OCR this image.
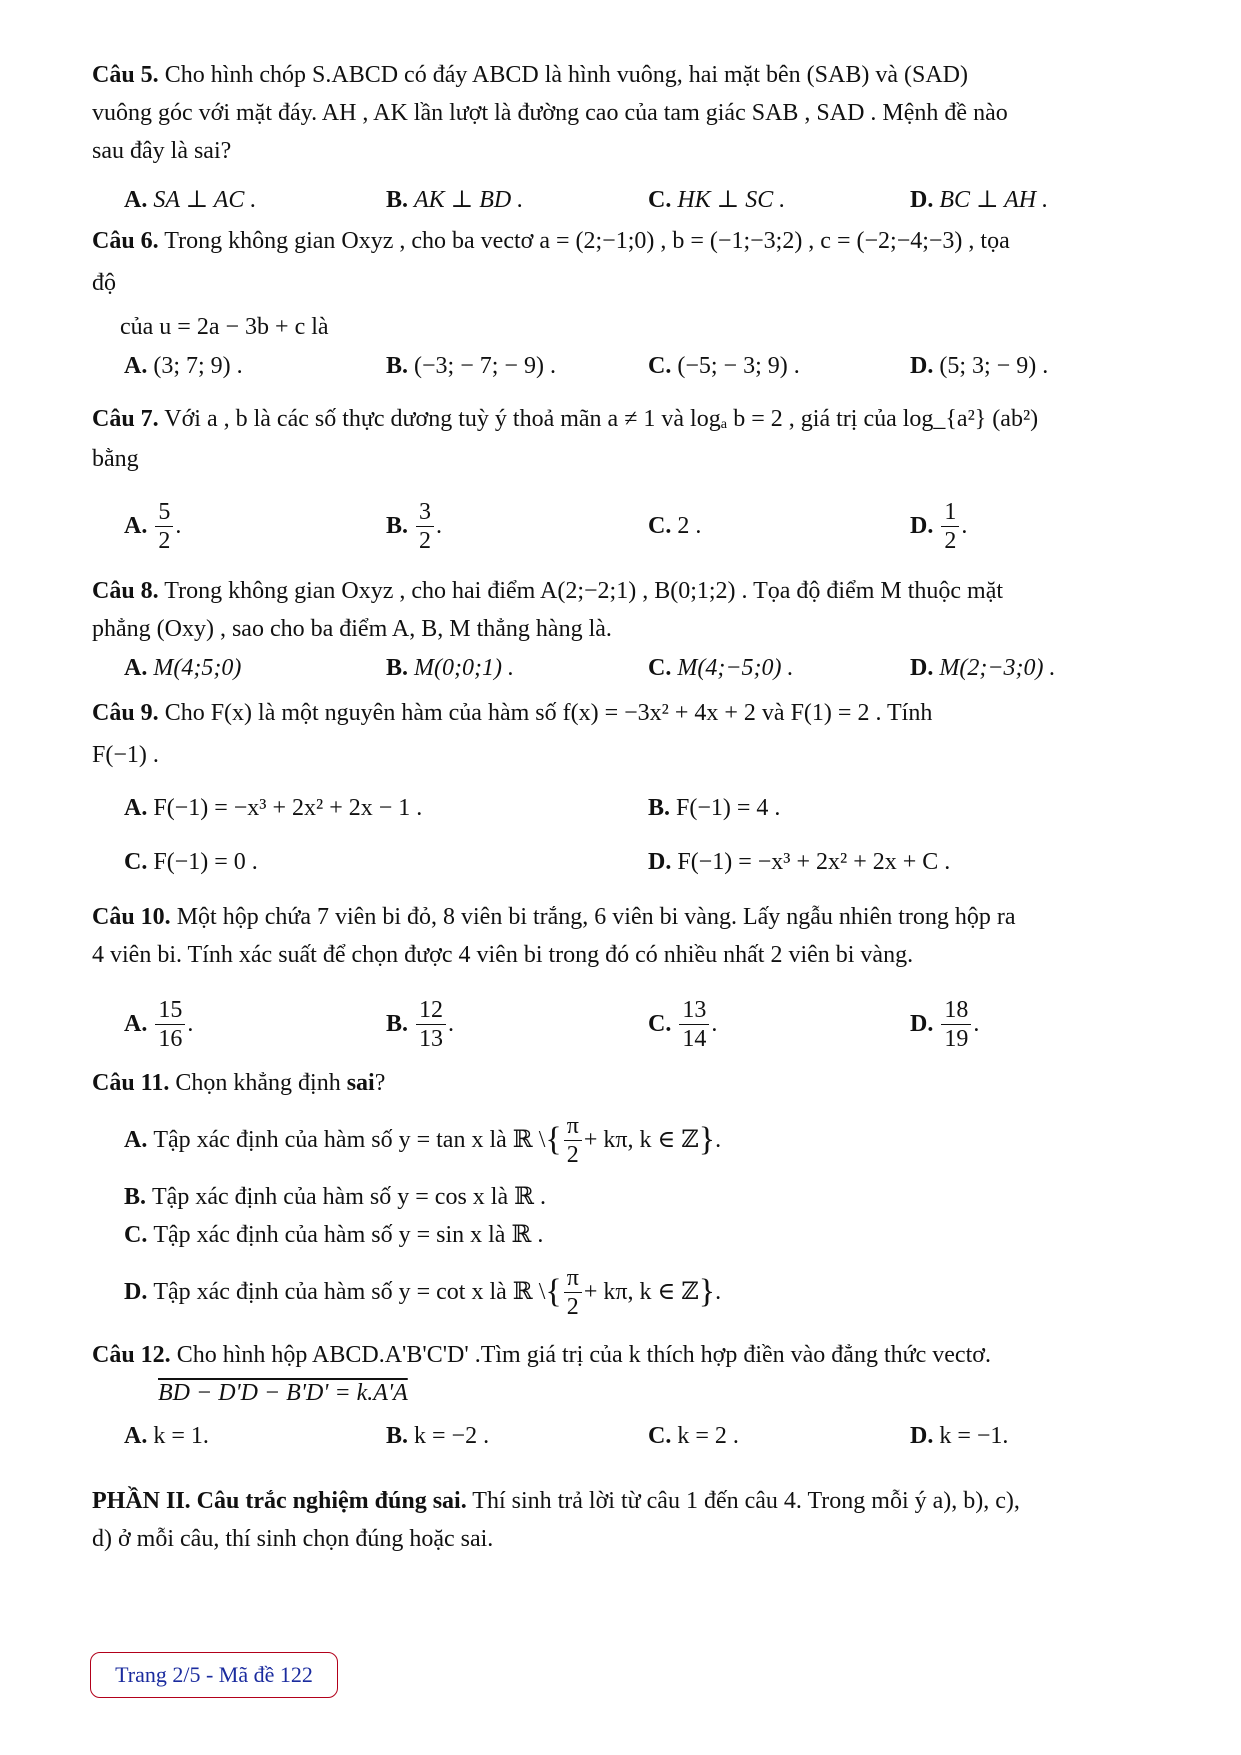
Câu 5. Cho hình chóp S.ABCD có đáy ABCD là hình vuông, hai mặt bên (SAB) và (SAD)
vuông góc với mặt đáy. AH , AK lần lượt là đường cao của tam giác SAB , SAD . Mệnh đề nào
sau đây là sai?
A. SA ⊥ AC .	B. AK ⊥ BD .	C. HK ⊥ SC .	D. BC ⊥ AH .
Câu 6. Trong không gian Oxyz , cho ba vectơ a = (2;−1;0) , b = (−1;−3;2) , c = (−2;−4;−3) , tọa
độ
của u = 2a − 3b + c là
A. (3; 7; 9) .	B. (−3; − 7; − 9) .	C. (−5; − 3; 9) .	D. (5; 3; − 9) .
Câu 7. Với a , b là các số thực dương tuỳ ý thoả mãn a ≠ 1 và logₐ b = 2 , giá trị của log_{a²} (ab²)
bằng
A. $\frac{5}{2}$ .	B. $\frac{3}{2}$ .	C. 2 .	D. $\frac{1}{2}$ .
Câu 8. Trong không gian Oxyz , cho hai điểm A(2;−2;1) , B(0;1;2) . Tọa độ điểm M thuộc mặt
phẳng (Oxy) , sao cho ba điểm A, B, M thẳng hàng là.
A. M(4;5;0)	B. M(0;0;1) .	C. M(4;−5;0) .	D. M(2;−3;0) .
Câu 9. Cho F(x) là một nguyên hàm của hàm số f(x) = −3x² + 4x + 2 và F(1) = 2 . Tính
F(−1) .
A. F(−1) = −x³ + 2x² + 2x − 1 .	B. F(−1) = 4 .
C. F(−1) = 0 .	D. F(−1) = −x³ + 2x² + 2x + C .
Câu 10. Một hộp chứa 7 viên bi đỏ, 8 viên bi trắng, 6 viên bi vàng. Lấy ngẫu nhiên trong hộp ra
4 viên bi. Tính xác suất để chọn được 4 viên bi trong đó có nhiều nhất 2 viên bi vàng.
A. $\frac{15}{16}$ .	B. $\frac{12}{13}$ .	C. $\frac{13}{14}$ .	D. $\frac{18}{19}$ .
Câu 11. Chọn khẳng định sai?
A. Tập xác định của hàm số y = tan x là ℝ \ { $\frac{\pi}{2} + k\pi$, k ∈ ℤ } .
B. Tập xác định của hàm số y = cos x là ℝ .
C. Tập xác định của hàm số y = sin x là ℝ .
D. Tập xác định của hàm số y = cot x là ℝ \ { $\frac{\pi}{2} + k\pi$, k ∈ ℤ } .
Câu 12. Cho hình hộp ABCD.A'B'C'D' .Tìm giá trị của k thích hợp điền vào đẳng thức vectơ.
BD − D'D − B'D' = k.A'A
A. k = 1.	B. k = −2 .	C. k = 2 .	D. k = −1.
PHẦN II. Câu trắc nghiệm đúng sai. Thí sinh trả lời từ câu 1 đến câu 4. Trong mỗi ý a), b), c),
d) ở mỗi câu, thí sinh chọn đúng hoặc sai.
Trang 2/5 - Mã đề 122
